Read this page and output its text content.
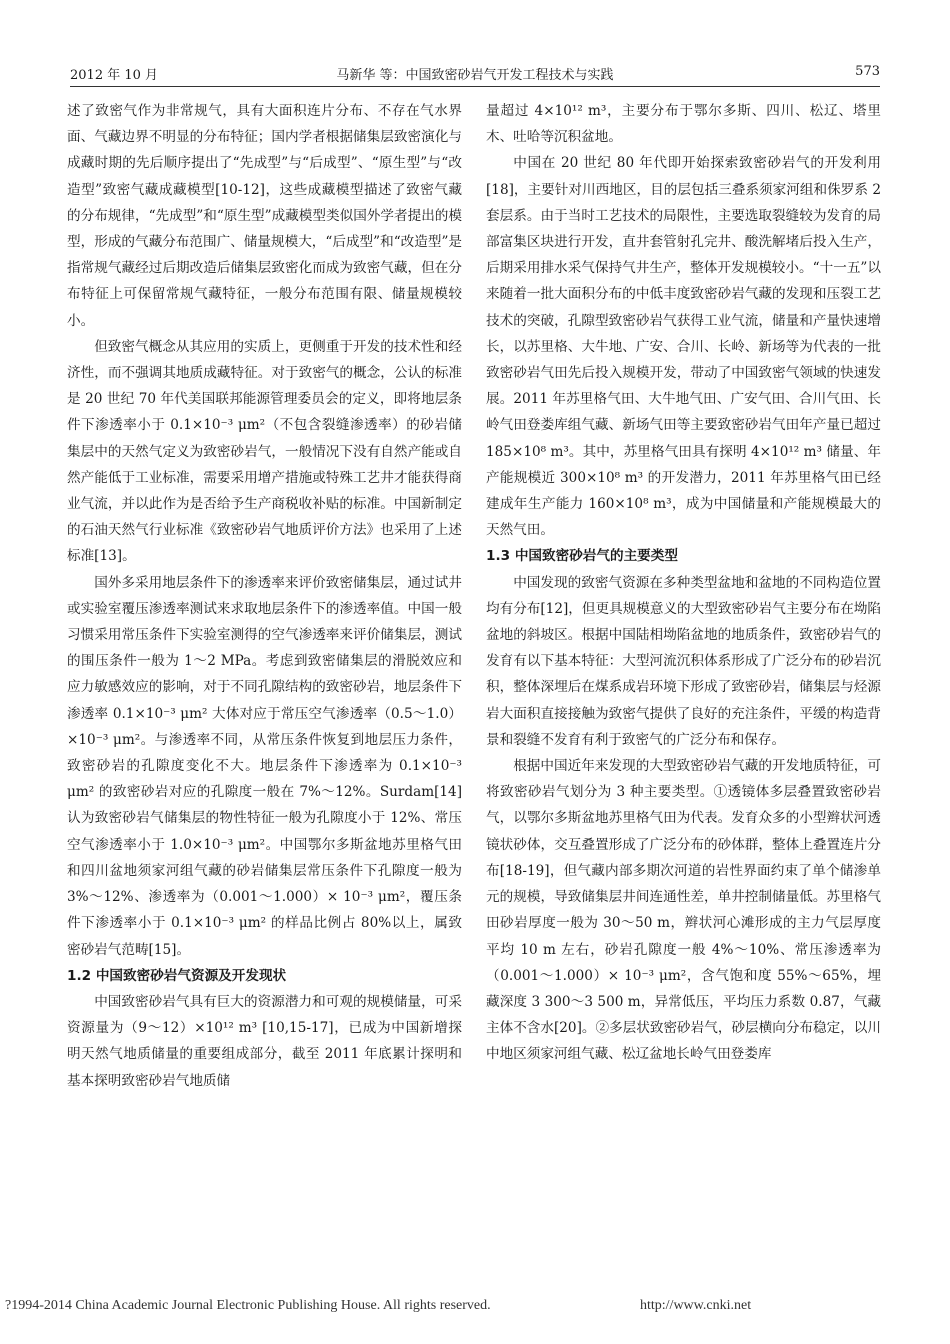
2012 年 10 月	马新华 等：中国致密砂岩气开发工程技术与实践	573

述了致密气作为非常规气，具有大面积连片分布、不存在气水界面、气藏边界不明显的分布特征；国内学者根据储集层致密演化与成藏时期的先后顺序提出了“先成型”与“后成型”、“原生型”与“改造型”致密气藏成藏模型[10-12]，这些成藏模型描述了致密气藏的分布规律，“先成型”和“原生型”成藏模型类似国外学者提出的模型，形成的气藏分布范围广、储量规模大，“后成型”和“改造型”是指常规气藏经过后期改造后储集层致密化而成为致密气藏，但在分布特征上可保留常规气藏特征，一般分布范围有限、储量规模较小。

但致密气概念从其应用的实质上，更侧重于开发的技术性和经济性，而不强调其地质成藏特征。对于致密气的概念，公认的标准是 20 世纪 70 年代美国联邦能源管理委员会的定义，即将地层条件下渗透率小于 0.1×10⁻³ μm²（不包含裂缝渗透率）的砂岩储集层中的天然气定义为致密砂岩气，一般情况下没有自然产能或自然产能低于工业标准，需要采用增产措施或特殊工艺井才能获得商业气流，并以此作为是否给予生产商税收补贴的标准。中国新制定的石油天然气行业标准《致密砂岩气地质评价方法》也采用了上述标准[13]。

国外多采用地层条件下的渗透率来评价致密储集层，通过试井或实验室覆压渗透率测试来求取地层条件下的渗透率值。中国一般习惯采用常压条件下实验室测得的空气渗透率来评价储集层，测试的围压条件一般为 1～2 MPa。考虑到致密储集层的滑脱效应和应力敏感效应的影响，对于不同孔隙结构的致密砂岩，地层条件下渗透率 0.1×10⁻³ μm² 大体对应于常压空气渗透率（0.5～1.0）×10⁻³ μm²。与渗透率不同，从常压条件恢复到地层压力条件，致密砂岩的孔隙度变化不大。地层条件下渗透率为 0.1×10⁻³ μm² 的致密砂岩对应的孔隙度一般在 7%～12%。Surdam[14]认为致密砂岩气储集层的物性特征一般为孔隙度小于 12%、常压空气渗透率小于 1.0×10⁻³ μm²。中国鄂尔多斯盆地苏里格气田和四川盆地须家河组气藏的砂岩储集层常压条件下孔隙度一般为 3%～12%、渗透率为（0.001～1.000）× 10⁻³ μm²，覆压条件下渗透率小于 0.1×10⁻³ μm² 的样品比例占 80%以上，属致密砂岩气范畴[15]。

1.2 中国致密砂岩气资源及开发现状

中国致密砂岩气具有巨大的资源潜力和可观的规模储量，可采资源量为（9～12）×10¹² m³ [10,15-17]，已成为中国新增探明天然气地质储量的重要组成部分，截至 2011 年底累计探明和基本探明致密砂岩气地质储

量超过 4×10¹² m³，主要分布于鄂尔多斯、四川、松辽、塔里木、吐哈等沉积盆地。

中国在 20 世纪 80 年代即开始探索致密砂岩气的开发利用[18]，主要针对川西地区，目的层包括三叠系须家河组和侏罗系 2 套层系。由于当时工艺技术的局限性，主要选取裂缝较为发育的局部富集区块进行开发，直井套管射孔完井、酸洗解堵后投入生产，后期采用排水采气保持气井生产，整体开发规模较小。“十一五”以来随着一批大面积分布的中低丰度致密砂岩气藏的发现和压裂工艺技术的突破，孔隙型致密砂岩气获得工业气流，储量和产量快速增长，以苏里格、大牛地、广安、合川、长岭、新场等为代表的一批致密砂岩气田先后投入规模开发，带动了中国致密气领域的快速发展。2011 年苏里格气田、大牛地气田、广安气田、合川气田、长岭气田登娄库组气藏、新场气田等主要致密砂岩气田年产量已超过 185×10⁸ m³。其中，苏里格气田具有探明 4×10¹² m³ 储量、年产能规模近 300×10⁸ m³ 的开发潜力，2011 年苏里格气田已经建成年生产能力 160×10⁸ m³，成为中国储量和产能规模最大的天然气田。

1.3 中国致密砂岩气的主要类型

中国发现的致密气资源在多种类型盆地和盆地的不同构造位置均有分布[12]，但更具规模意义的大型致密砂岩气主要分布在坳陷盆地的斜坡区。根据中国陆相坳陷盆地的地质条件，致密砂岩气的发育有以下基本特征：大型河流沉积体系形成了广泛分布的砂岩沉积，整体深埋后在煤系成岩环境下形成了致密砂岩，储集层与烃源岩大面积直接接触为致密气提供了良好的充注条件，平缓的构造背景和裂缝不发育有利于致密气的广泛分布和保存。

根据中国近年来发现的大型致密砂岩气藏的开发地质特征，可将致密砂岩气划分为 3 种主要类型。①透镜体多层叠置致密砂岩气，以鄂尔多斯盆地苏里格气田为代表。发育众多的小型辫状河透镜状砂体，交互叠置形成了广泛分布的砂体群，整体上叠置连片分布[18-19]，但气藏内部多期次河道的岩性界面约束了单个储渗单元的规模，导致储集层井间连通性差，单井控制储量低。苏里格气田砂岩厚度一般为 30～50 m，辫状河心滩形成的主力气层厚度平均 10 m 左右，砂岩孔隙度一般 4%～10%、常压渗透率为（0.001～1.000）× 10⁻³ μm²，含气饱和度 55%～65%，埋藏深度 3 300～3 500 m，异常低压，平均压力系数 0.87，气藏主体不含水[20]。②多层状致密砂岩气，砂层横向分布稳定，以川中地区须家河组气藏、松辽盆地长岭气田登娄库

?1994-2014 China Academic Journal Electronic Publishing House. All rights reserved.	http://www.cnki.net
